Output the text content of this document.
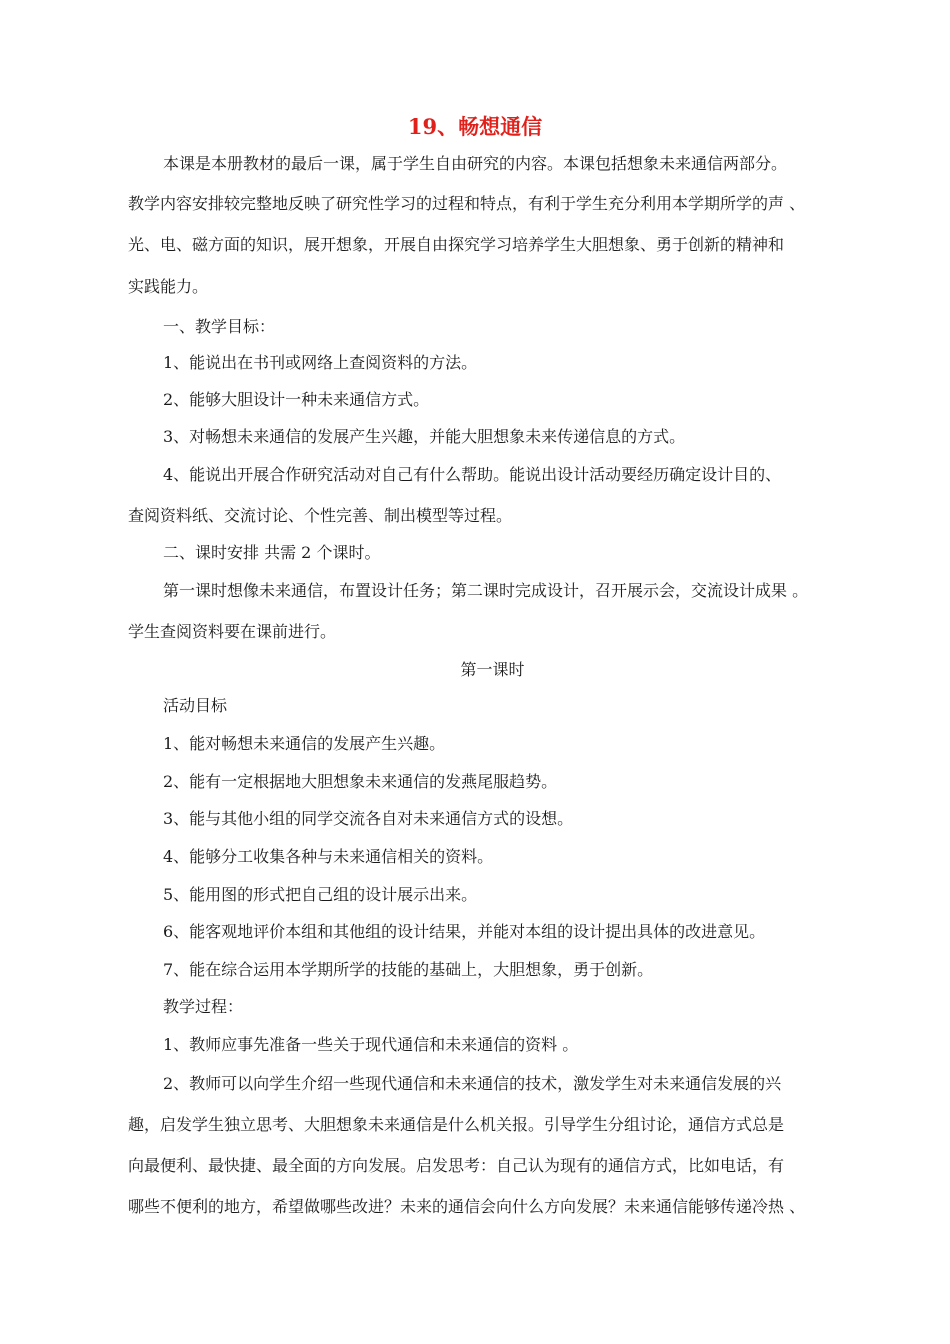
19、畅想通信
本课是本册教材的最后一课，属于学生自由研究的内容。本课包括想象未来通信两部分。
教学内容安排较完整地反映了研究性学习的过程和特点，有利于学生充分利用本学期所学的声 、
光、电、磁方面的知识，展开想象，开展自由探究学习培养学生大胆想象、勇于创新的精神和
实践能力。
一、教学目标：
1、能说出在书刊或网络上查阅资料的方法。
2、能够大胆设计一种未来通信方式。
3、对畅想未来通信的发展产生兴趣，并能大胆想象未来传递信息的方式。
4、能说出开展合作研究活动对自己有什么帮助。能说出设计活动要经历确定设计目的、
查阅资料纸、交流讨论、个性完善、制出模型等过程。
二、课时安排 共需 2 个课时。
第一课时想像未来通信，布置设计任务；第二课时完成设计，召开展示会，交流设计成果 。
学生查阅资料要在课前进行。
第一课时
活动目标
1、能对畅想未来通信的发展产生兴趣。
2、能有一定根据地大胆想象未来通信的发燕尾服趋势。
3、能与其他小组的同学交流各自对未来通信方式的设想。
4、能够分工收集各种与未来通信相关的资料。
5、能用图的形式把自己组的设计展示出来。
6、能客观地评价本组和其他组的设计结果，并能对本组的设计提出具体的改进意见。
7、能在综合运用本学期所学的技能的基础上，大胆想象，勇于创新。
教学过程：
1、教师应事先准备一些关于现代通信和未来通信的资料 。
2、教师可以向学生介绍一些现代通信和未来通信的技术，激发学生对未来通信发展的兴
趣，启发学生独立思考、大胆想象未来通信是什么机关报。引导学生分组讨论，通信方式总是
向最便利、最快捷、最全面的方向发展。启发思考：自己认为现有的通信方式，比如电话，有
哪些不便利的地方，希望做哪些改进？未来的通信会向什么方向发展？未来通信能够传递冷热 、
